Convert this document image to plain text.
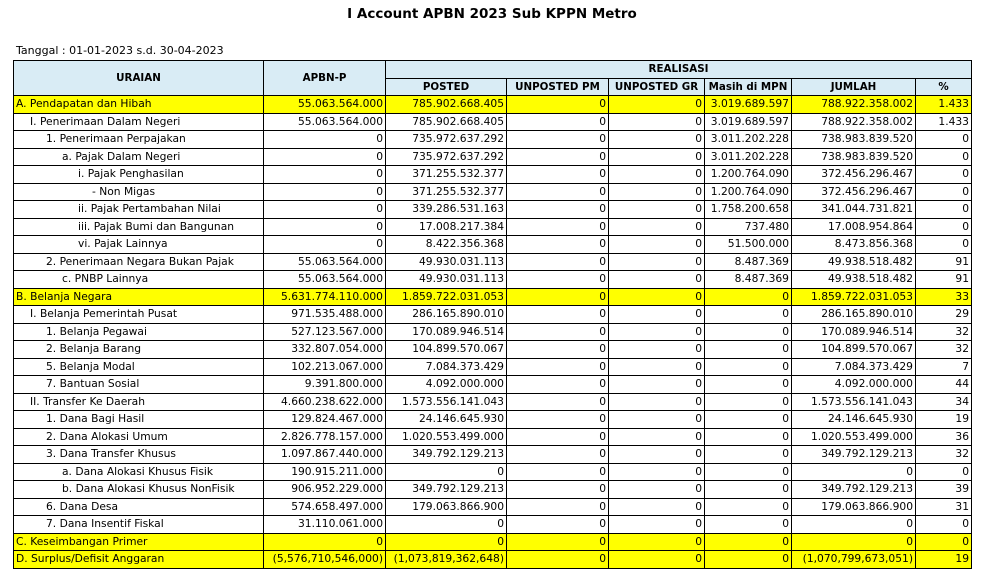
I Account APBN 2023 Sub KPPN Metro
Tanggal : 01-01-2023 s.d. 30-04-2023
URAIAN	APBN-P	REALISASI					
		POSTED	UNPOSTED PM	UNPOSTED GR	Masih di MPN	JUMLAH	%
A. Pendapatan dan Hibah	55.063.564.000	785.902.668.405	0	0	3.019.689.597	788.922.358.002	1.433
I. Penerimaan Dalam Negeri	55.063.564.000	785.902.668.405	0	0	3.019.689.597	788.922.358.002	1.433
1. Penerimaan Perpajakan	0	735.972.637.292	0	0	3.011.202.228	738.983.839.520	0
a. Pajak Dalam Negeri	0	735.972.637.292	0	0	3.011.202.228	738.983.839.520	0
i. Pajak Penghasilan	0	371.255.532.377	0	0	1.200.764.090	372.456.296.467	0
- Non Migas	0	371.255.532.377	0	0	1.200.764.090	372.456.296.467	0
ii. Pajak Pertambahan Nilai	0	339.286.531.163	0	0	1.758.200.658	341.044.731.821	0
iii. Pajak Bumi dan Bangunan	0	17.008.217.384	0	0	737.480	17.008.954.864	0
vi. Pajak Lainnya	0	8.422.356.368	0	0	51.500.000	8.473.856.368	0
2. Penerimaan Negara Bukan Pajak	55.063.564.000	49.930.031.113	0	0	8.487.369	49.938.518.482	91
c. PNBP Lainnya	55.063.564.000	49.930.031.113	0	0	8.487.369	49.938.518.482	91
B. Belanja Negara	5.631.774.110.000	1.859.722.031.053	0	0	0	1.859.722.031.053	33
I. Belanja Pemerintah Pusat	971.535.488.000	286.165.890.010	0	0	0	286.165.890.010	29
1. Belanja Pegawai	527.123.567.000	170.089.946.514	0	0	0	170.089.946.514	32
2. Belanja Barang	332.807.054.000	104.899.570.067	0	0	0	104.899.570.067	32
5. Belanja Modal	102.213.067.000	7.084.373.429	0	0	0	7.084.373.429	7
7. Bantuan Sosial	9.391.800.000	4.092.000.000	0	0	0	4.092.000.000	44
II. Transfer Ke Daerah	4.660.238.622.000	1.573.556.141.043	0	0	0	1.573.556.141.043	34
1. Dana Bagi Hasil	129.824.467.000	24.146.645.930	0	0	0	24.146.645.930	19
2. Dana Alokasi Umum	2.826.778.157.000	1.020.553.499.000	0	0	0	1.020.553.499.000	36
3. Dana Transfer Khusus	1.097.867.440.000	349.792.129.213	0	0	0	349.792.129.213	32
a. Dana Alokasi Khusus Fisik	190.915.211.000	0	0	0	0	0	0
b. Dana Alokasi Khusus NonFisik	906.952.229.000	349.792.129.213	0	0	0	349.792.129.213	39
6. Dana Desa	574.658.497.000	179.063.866.900	0	0	0	179.063.866.900	31
7. Dana Insentif Fiskal	31.110.061.000	0	0	0	0	0	0
C. Keseimbangan Primer	0	0	0	0	0	0	0
D. Surplus/Defisit Anggaran	(5,576,710,546,000)	(1,073,819,362,648)	0	0	0	(1,070,799,673,051)	19
